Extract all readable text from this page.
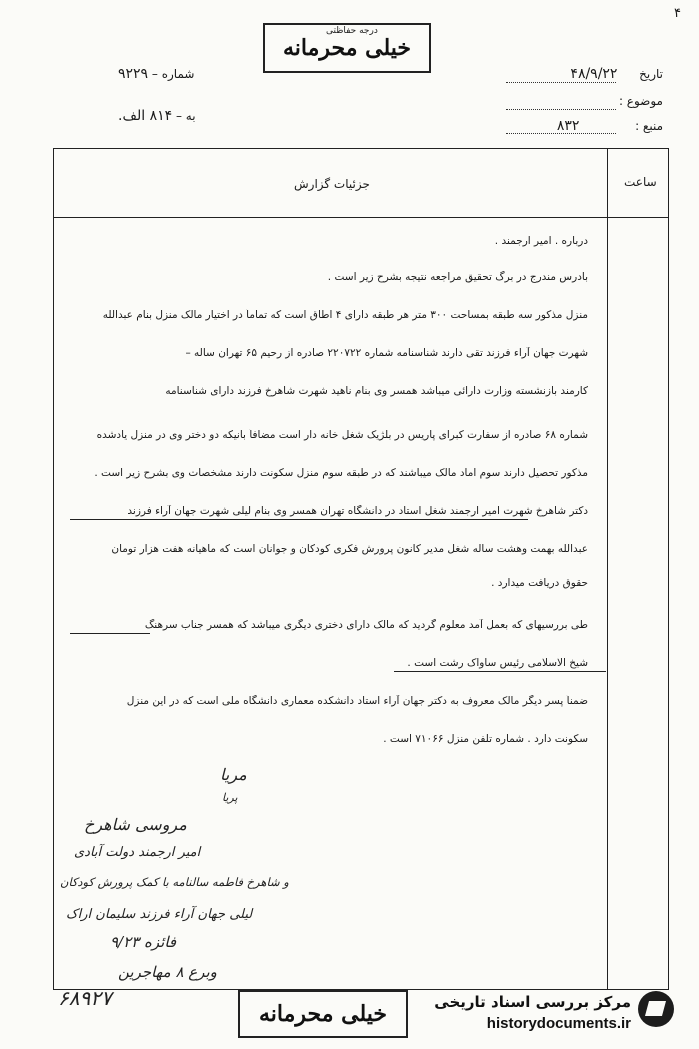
۴
خیلی محرمانه
درجه حفاظتی
تاریخ  ۴۸/۹/۲۲
موضوع :
منبع :  ۸۳۲
شماره – ۹۲۲۹
به – ۸۱۴ الف.
ساعت
جزئیات گزارش
درباره . امیر ارجمند .
بادرس مندرج در برگ تحقیق مراجعه نتیجه بشرح زیر است .
منزل مذکور سه طبقه بمساحت ۳۰۰ متر هر طبقه دارای ۴ اطاق است که تماماً در اختیار مالک منزل بنام عبدالله
شهرت جهان آراء فرزند تقی دارند شناسنامه شماره ۲۲۰۷۲۲ صادره از رحیم ۶۵ تهران ساله –
کارمند بازنشسته وزارت دارائی میباشد همسر وی بنام ناهید شهرت شاهرخ فرزند دارای شناسنامه
شماره ۶۸ صادره از سفارت کبرای پاریس در بلژیک شغل خانه دار است مضافاً بانیکه دو دختر وی در منزل یادشده
مذکور تحصیل دارند سوم اماد مالک میباشند که در طبقه سوم منزل سکونت دارند مشخصات وی بشرح زیر است .
دکتر شاهرخ شهرت امیر ارجمند شغل استاد در دانشگاه تهران همسر وی بنام لیلی شهرت جهان آراء فرزند
عبدالله بهمت وهشت ساله شغل مدیر کانون پرورش فکری کودکان و جوانان است که ماهیانه هفت هزار تومان
حقوق دریافت میدارد .
طی بررسیهای که بعمل آمد معلوم گردید که مالک دارای دختری دیگری میباشد که همسر جناب سرهنگ
شیخ الاسلامی رئیس ساواک رشت است .
ضمناً پسر دیگر مالک معروف به دکتر جهان آراء استاد دانشکده معماری دانشگاه ملی است که در این منزل
سکونت دارد . شماره تلفن منزل ۷۱۰۶۶ است .
مریا
پریا
مروسی شاهرخ
امیر ارجمند دولت آبادی
و شاهرخ فاطمه سالنامه با کمک پرورش کودکان
لیلی جهان آراء فرزند سلیمان اراک
فائزه ۹/۲۳
وبرع ۸ مهاجرین
۶۸۹۲۷
خیلی محرمانه	مرکز بررسی اسناد تاریخی
historydocuments.ir
